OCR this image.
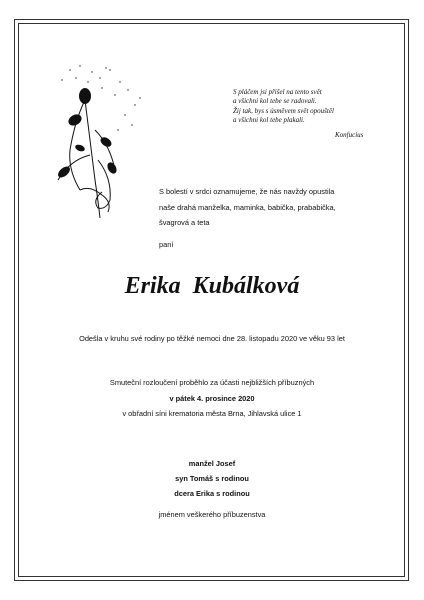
S pláčem jsi přišel na tento svět
a všichni kol tebe se radovali.
Žij tak, bys s úsměvem svět opouštěl
a všichni kol tebe plakali.
Konfucius
S bolestí v srdci oznamujeme, že nás navždy opustila
naše drahá manželka, maminka, babička, prababička,
švagrová a teta
paní
Erika Kubálková
Odešla v kruhu své rodiny po těžké nemoci dne 28. listopadu 2020 ve věku 93 let
Smuteční rozloučení proběhlo za účasti nejbližších příbuzných
v pátek 4. prosince 2020
v obřadní síni krematoria města Brna, Jihlavská ulice 1
manžel Josef
syn Tomáš s rodinou
dcera Erika s rodinou
jménem veškerého příbuzenstva
